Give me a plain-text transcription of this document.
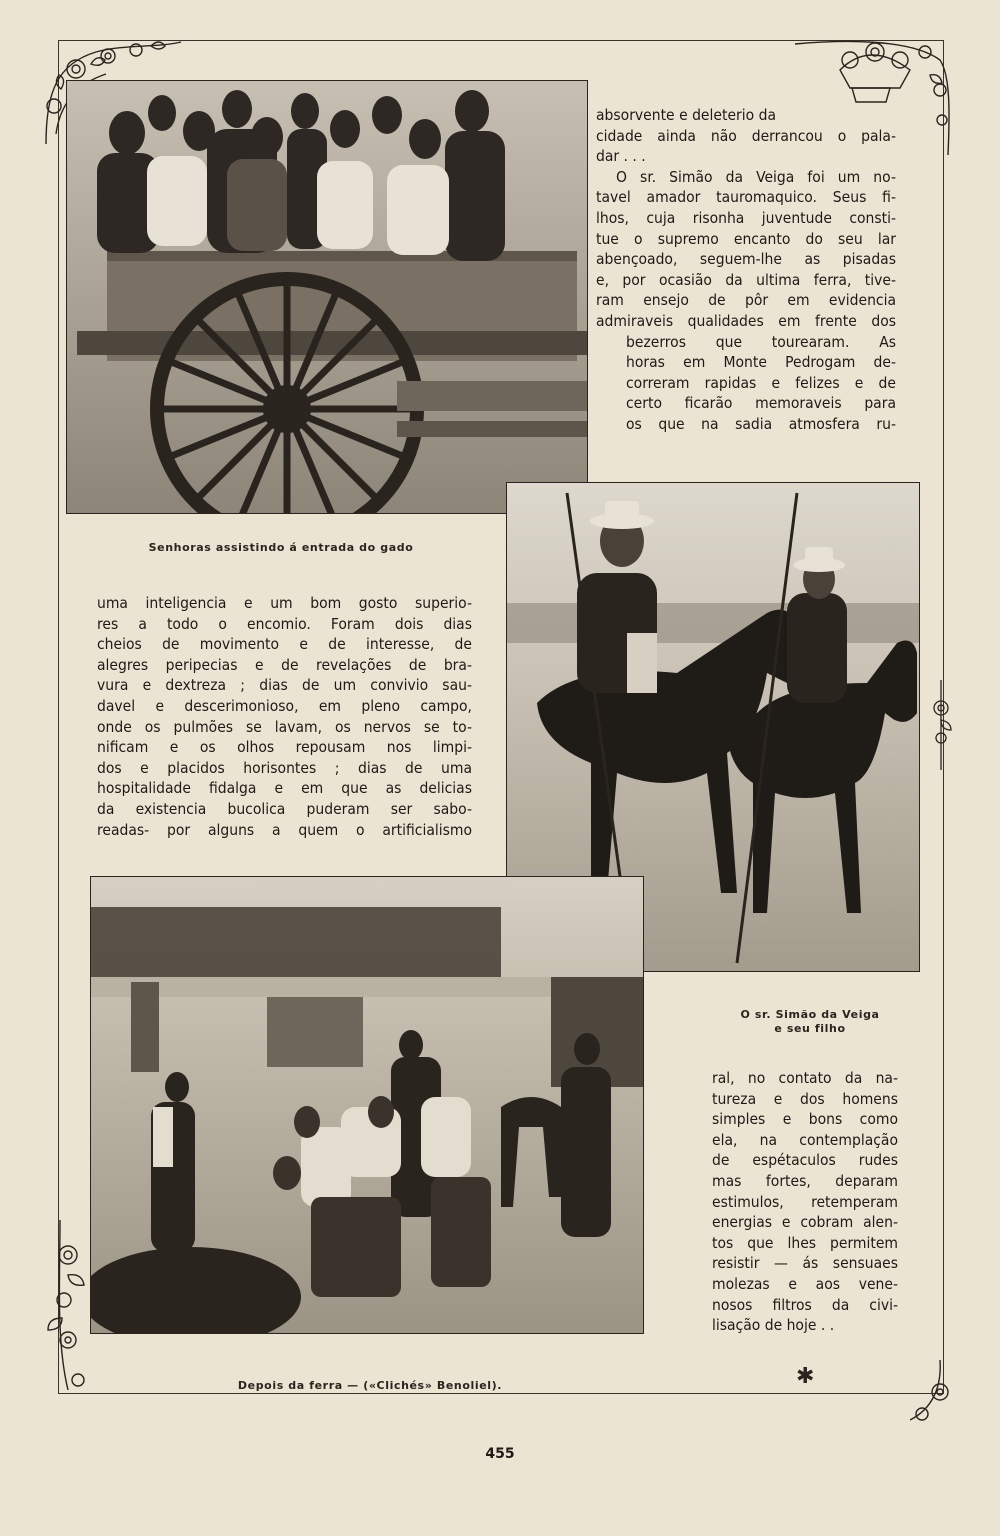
Senhoras assistindo á entrada do gado
O sr. Simão da Veiga
e seu filho
Depois da ferra — («Clichés» Benoliel).
absorvente e deleterio da
cidade ainda não derrancou o pala-
dar . . .
O sr. Simão da Veiga foi um no-
tavel amador tauromaquico. Seus fi-
lhos, cuja risonha juventude consti-
tue o supremo encanto do seu lar
abençoado, seguem-lhe as pisadas
e, por ocasião da ultima ferra, tive-
ram ensejo de pôr em evidencia
admiraveis qualidades em frente dos
bezerros que tourearam. As
horas em Monte Pedrogam de-
correram rapidas e felizes e de
certo ficarão memoraveis para
os que na sadia atmosfera ru-
uma inteligencia e um bom gosto superio-
res a todo o encomio. Foram dois dias
cheios de movimento e de interesse, de
alegres peripecias e de revelações de bra-
vura e dextreza ; dias de um convivio sau-
davel e descerimonioso, em pleno campo,
onde os pulmões se lavam, os nervos se to-
nificam e os olhos repousam nos limpi-
dos e placidos horisontes ; dias de uma
hospitalidade fidalga e em que as delicias
da existencia bucolica puderam ser sabo-
readas- por alguns a quem o artificialismo
ral, no contato da na-
tureza e dos homens
simples e bons como
ela, na contemplação
de espétaculos rudes
mas fortes, deparam
estimulos, retemperam
energias e cobram alen-
tos que lhes permitem
resistir — ás sensuaes
molezas e aos vene-
nosos filtros da civi-
lisação de hoje . .
✱
455
